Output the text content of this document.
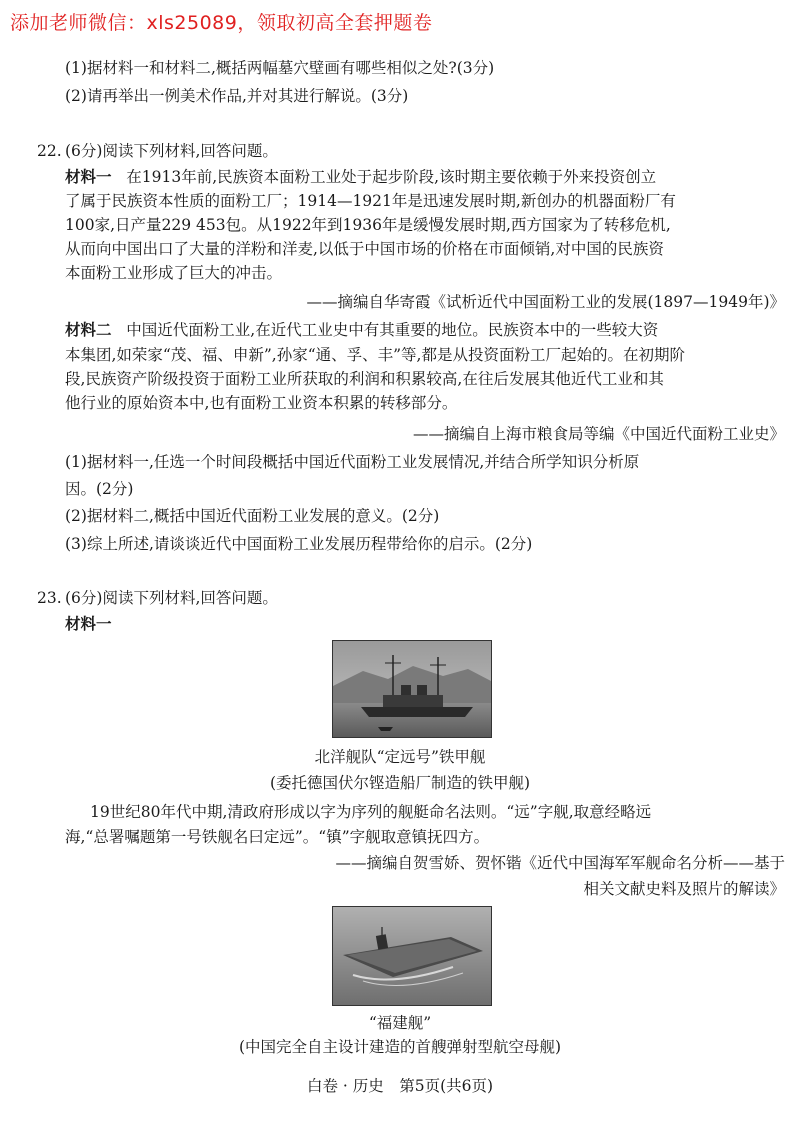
添加老师微信：xls25089，领取初高全套押题卷
(1)据材料一和材料二,概括两幅墓穴壁画有哪些相似之处?(3分)
(2)请再举出一例美术作品,并对其进行解说。(3分)
22. (6分)阅读下列材料,回答问题。
材料一 在1913年前,民族资本面粉工业处于起步阶段,该时期主要依赖于外来投资创立
了属于民族资本性质的面粉工厂；1914—1921年是迅速发展时期,新创办的机器面粉厂有
100家,日产量229 453包。从1922年到1936年是缓慢发展时期,西方国家为了转移危机,
从而向中国出口了大量的洋粉和洋麦,以低于中国市场的价格在市面倾销,对中国的民族资
本面粉工业形成了巨大的冲击。
——摘编自华寄霞《试析近代中国面粉工业的发展(1897—1949年)》
材料二 中国近代面粉工业,在近代工业史中有其重要的地位。民族资本中的一些较大资
本集团,如荣家“茂、福、申新”,孙家“通、孚、丰”等,都是从投资面粉工厂起始的。在初期阶
段,民族资产阶级投资于面粉工业所获取的利润和积累较高,在往后发展其他近代工业和其
他行业的原始资本中,也有面粉工业资本积累的转移部分。
——摘编自上海市粮食局等编《中国近代面粉工业史》
(1)据材料一,任选一个时间段概括中国近代面粉工业发展情况,并结合所学知识分析原
因。(2分)
(2)据材料二,概括中国近代面粉工业发展的意义。(2分)
(3)综上所述,请谈谈近代中国面粉工业发展历程带给你的启示。(2分)
23. (6分)阅读下列材料,回答问题。
材料一
北洋舰队“定远号”铁甲舰
(委托德国伏尔铿造船厂制造的铁甲舰)
19世纪80年代中期,清政府形成以字为序列的舰艇命名法则。“远”字舰,取意经略远
海,“总署嘱题第一号铁舰名曰定远”。“镇”字舰取意镇抚四方。
——摘编自贺雪娇、贺怀锴《近代中国海军军舰命名分析——基于
相关文献史料及照片的解读》
“福建舰”
(中国完全自主设计建造的首艘弹射型航空母舰)
白卷 · 历史　第5页(共6页)
